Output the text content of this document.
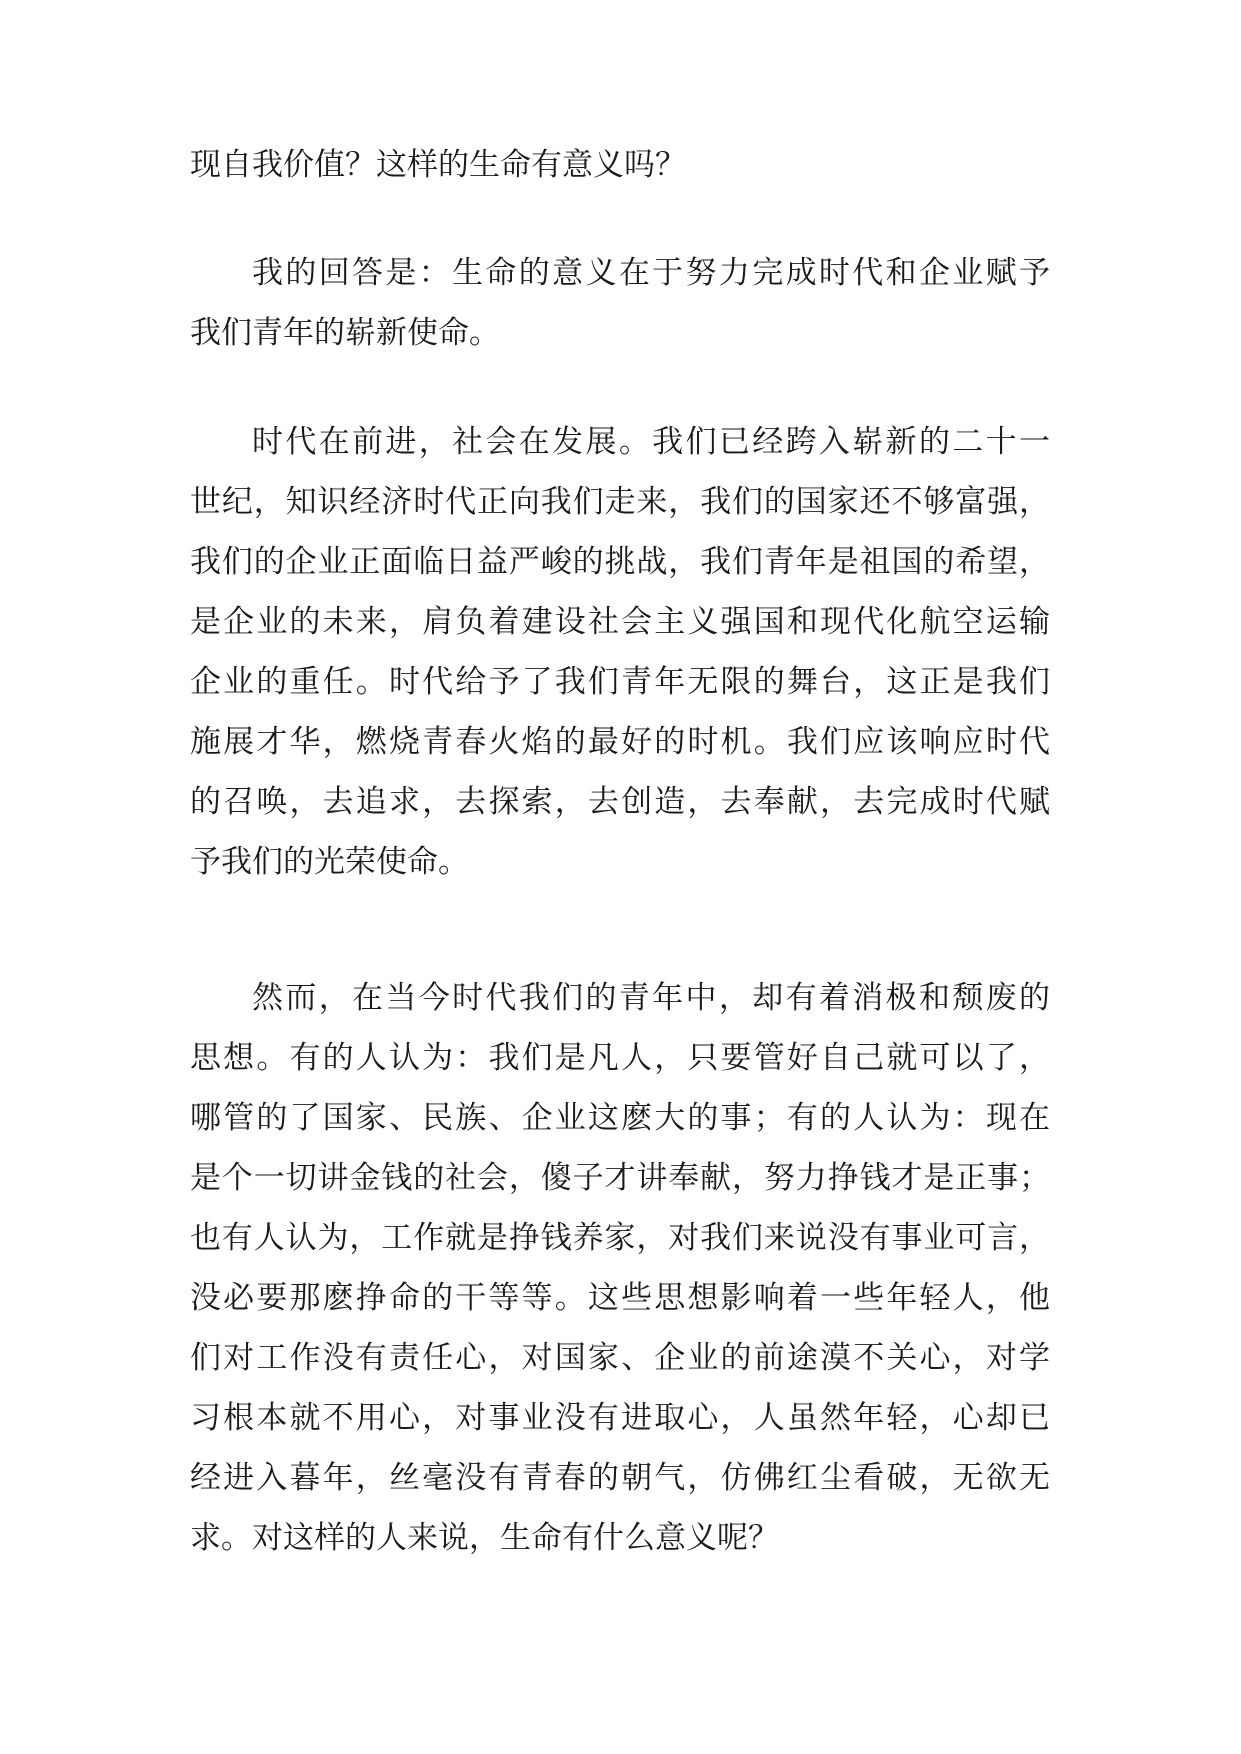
现自我价值？这样的生命有意义吗？
我的回答是：生命的意义在于努力完成时代和企业赋予
我们青年的崭新使命。
时代在前进，社会在发展。我们已经跨入崭新的二十一
世纪，知识经济时代正向我们走来，我们的国家还不够富强，
我们的企业正面临日益严峻的挑战，我们青年是祖国的希望，
是企业的未来，肩负着建设社会主义强国和现代化航空运输
企业的重任。时代给予了我们青年无限的舞台，这正是我们
施展才华，燃烧青春火焰的最好的时机。我们应该响应时代
的召唤，去追求，去探索，去创造，去奉献，去完成时代赋
予我们的光荣使命。
然而，在当今时代我们的青年中，却有着消极和颓废的
思想。有的人认为：我们是凡人，只要管好自己就可以了，
哪管的了国家、民族、企业这麽大的事；有的人认为：现在
是个一切讲金钱的社会，傻子才讲奉献，努力挣钱才是正事；
也有人认为，工作就是挣钱养家，对我们来说没有事业可言，
没必要那麽挣命的干等等。这些思想影响着一些年轻人，他
们对工作没有责任心，对国家、企业的前途漠不关心，对学
习根本就不用心，对事业没有进取心，人虽然年轻，心却已
经进入暮年，丝毫没有青春的朝气，仿佛红尘看破，无欲无
求。对这样的人来说，生命有什么意义呢？
